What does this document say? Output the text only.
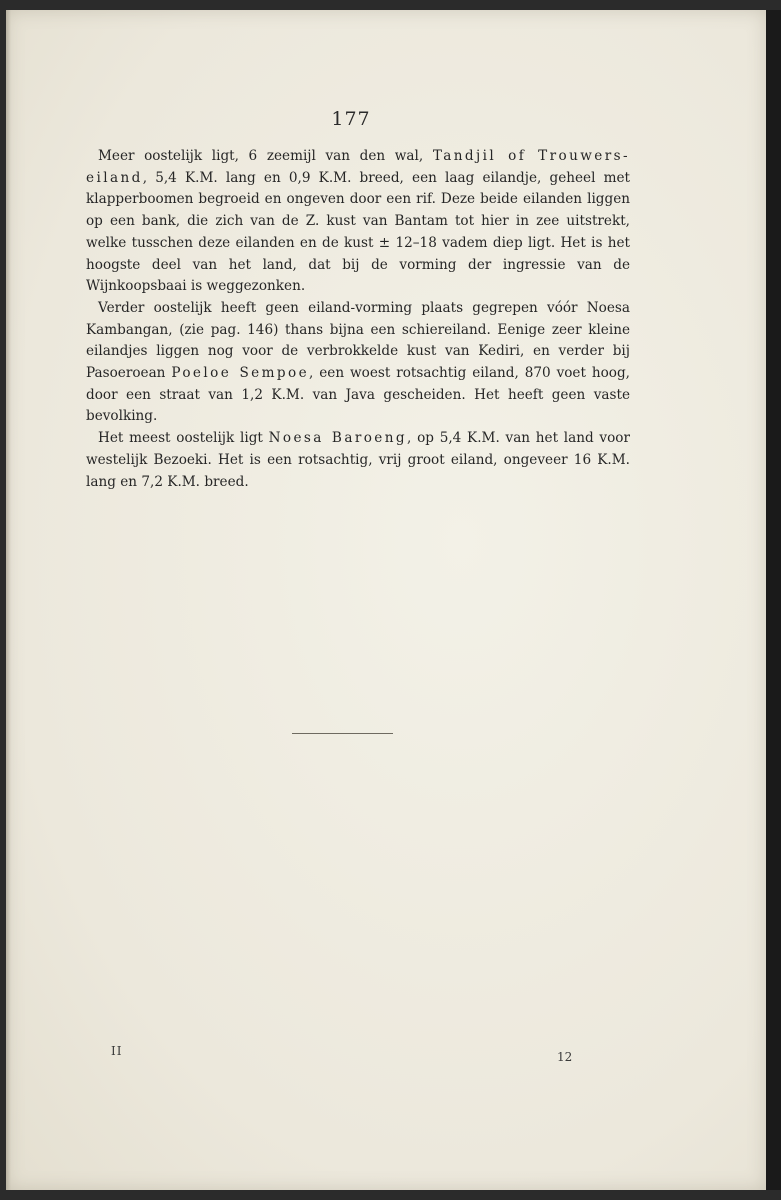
177

Meer oostelijk ligt, 6 zeemijl van den wal, Tandjil of Trouwers-eiland, 5,4 K.M. lang en 0,9 K.M. breed, een laag eilandje, geheel met klapperboomen begroeid en ongeven door een rif. Deze beide eilanden liggen op een bank, die zich van de Z. kust van Bantam tot hier in zee uitstrekt, welke tusschen deze eilanden en de kust ± 12–18 vadem diep ligt. Het is het hoogste deel van het land, dat bij de vorming der ingressie van de Wijnkoopsbaai is weggezonken.

Verder oostelijk heeft geen eiland-vorming plaats gegrepen vóór Noesa Kambangan, (zie pag. 146) thans bijna een schiereiland. Eenige zeer kleine eilandjes liggen nog voor de verbrokkelde kust van Kediri, en verder bij Pasoeroean Poeloe Sempoe, een woest rotsachtig eiland, 870 voet hoog, door een straat van 1,2 K.M. van Java gescheiden. Het heeft geen vaste bevolking.

Het meest oostelijk ligt Noesa Baroeng, op 5,4 K.M. van het land voor westelijk Bezoeki. Het is een rotsachtig, vrij groot eiland, ongeveer 16 K.M. lang en 7,2 K.M. breed.

II	12
